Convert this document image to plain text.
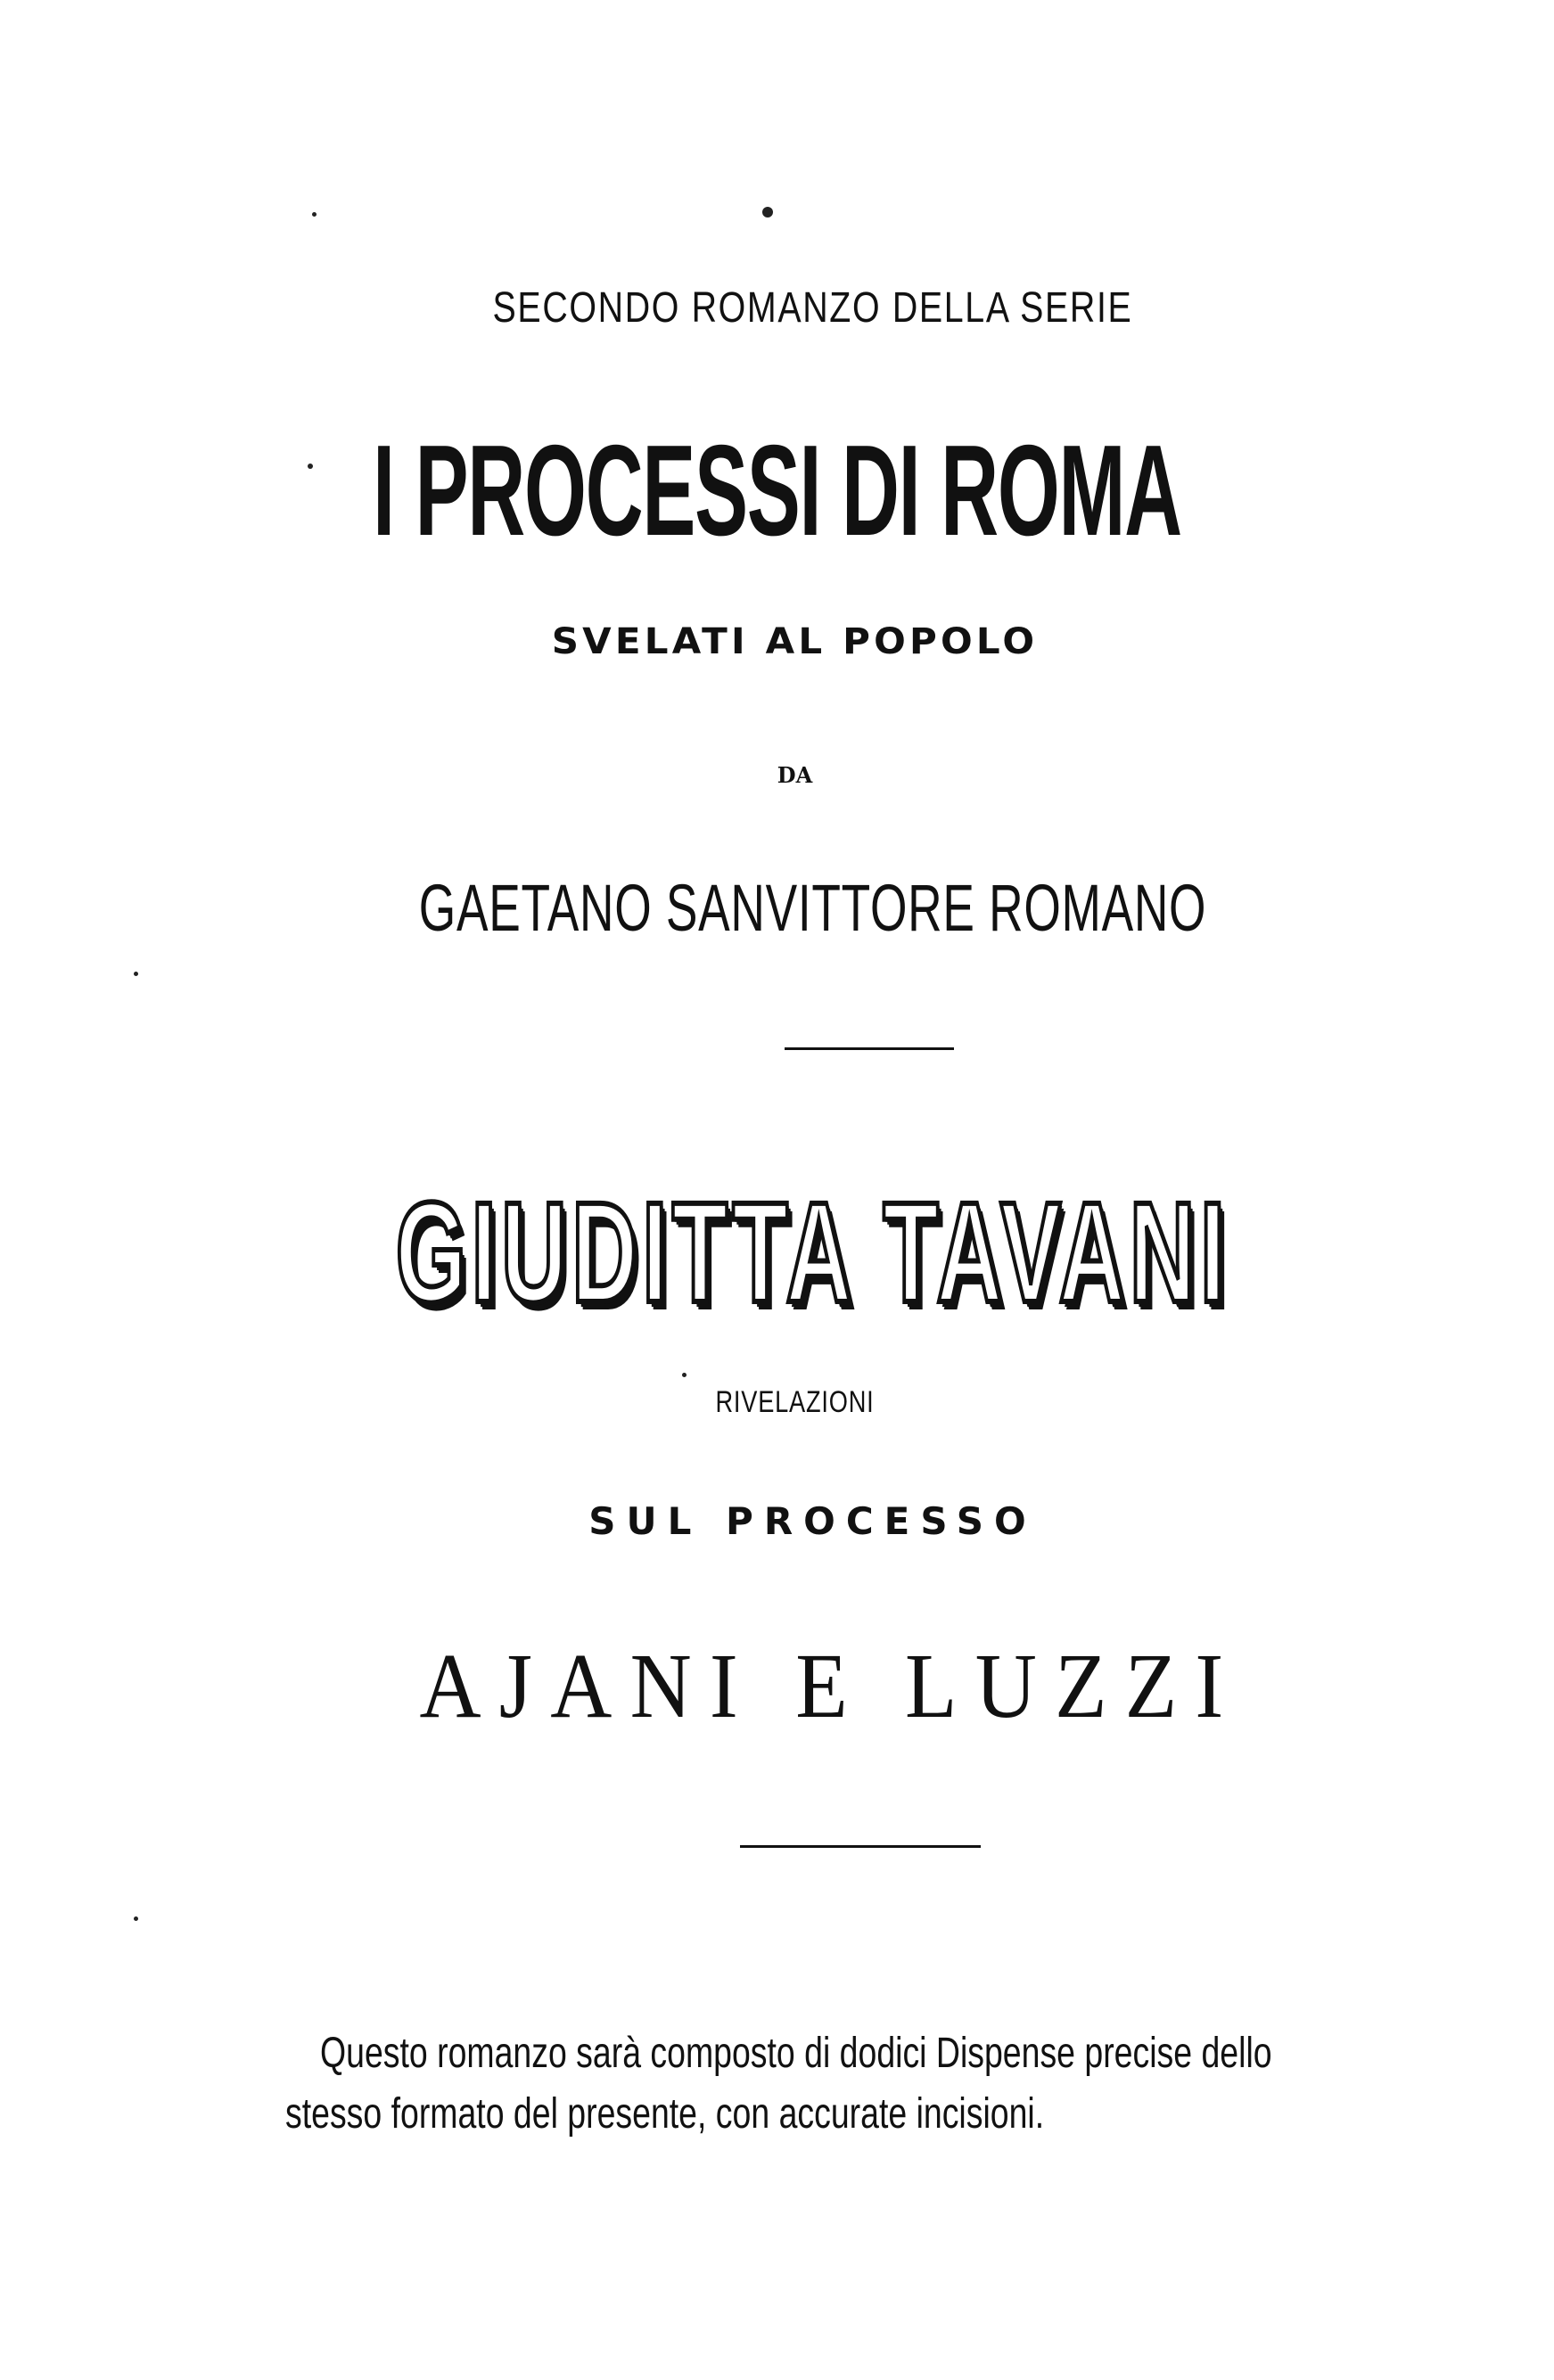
SECONDO ROMANZO DELLA SERIE

I PROCESSI DI ROMA

SVELATI AL POPOLO

DA

GAETANO SANVITTORE ROMANO

GIUDITTA TAVANI

RIVELAZIONI

SUL PROCESSO

AJANI E LUZZI

Questo romanzo sarà composto di dodici Dispense precise dello
stesso formato del presente, con accurate incisioni.
